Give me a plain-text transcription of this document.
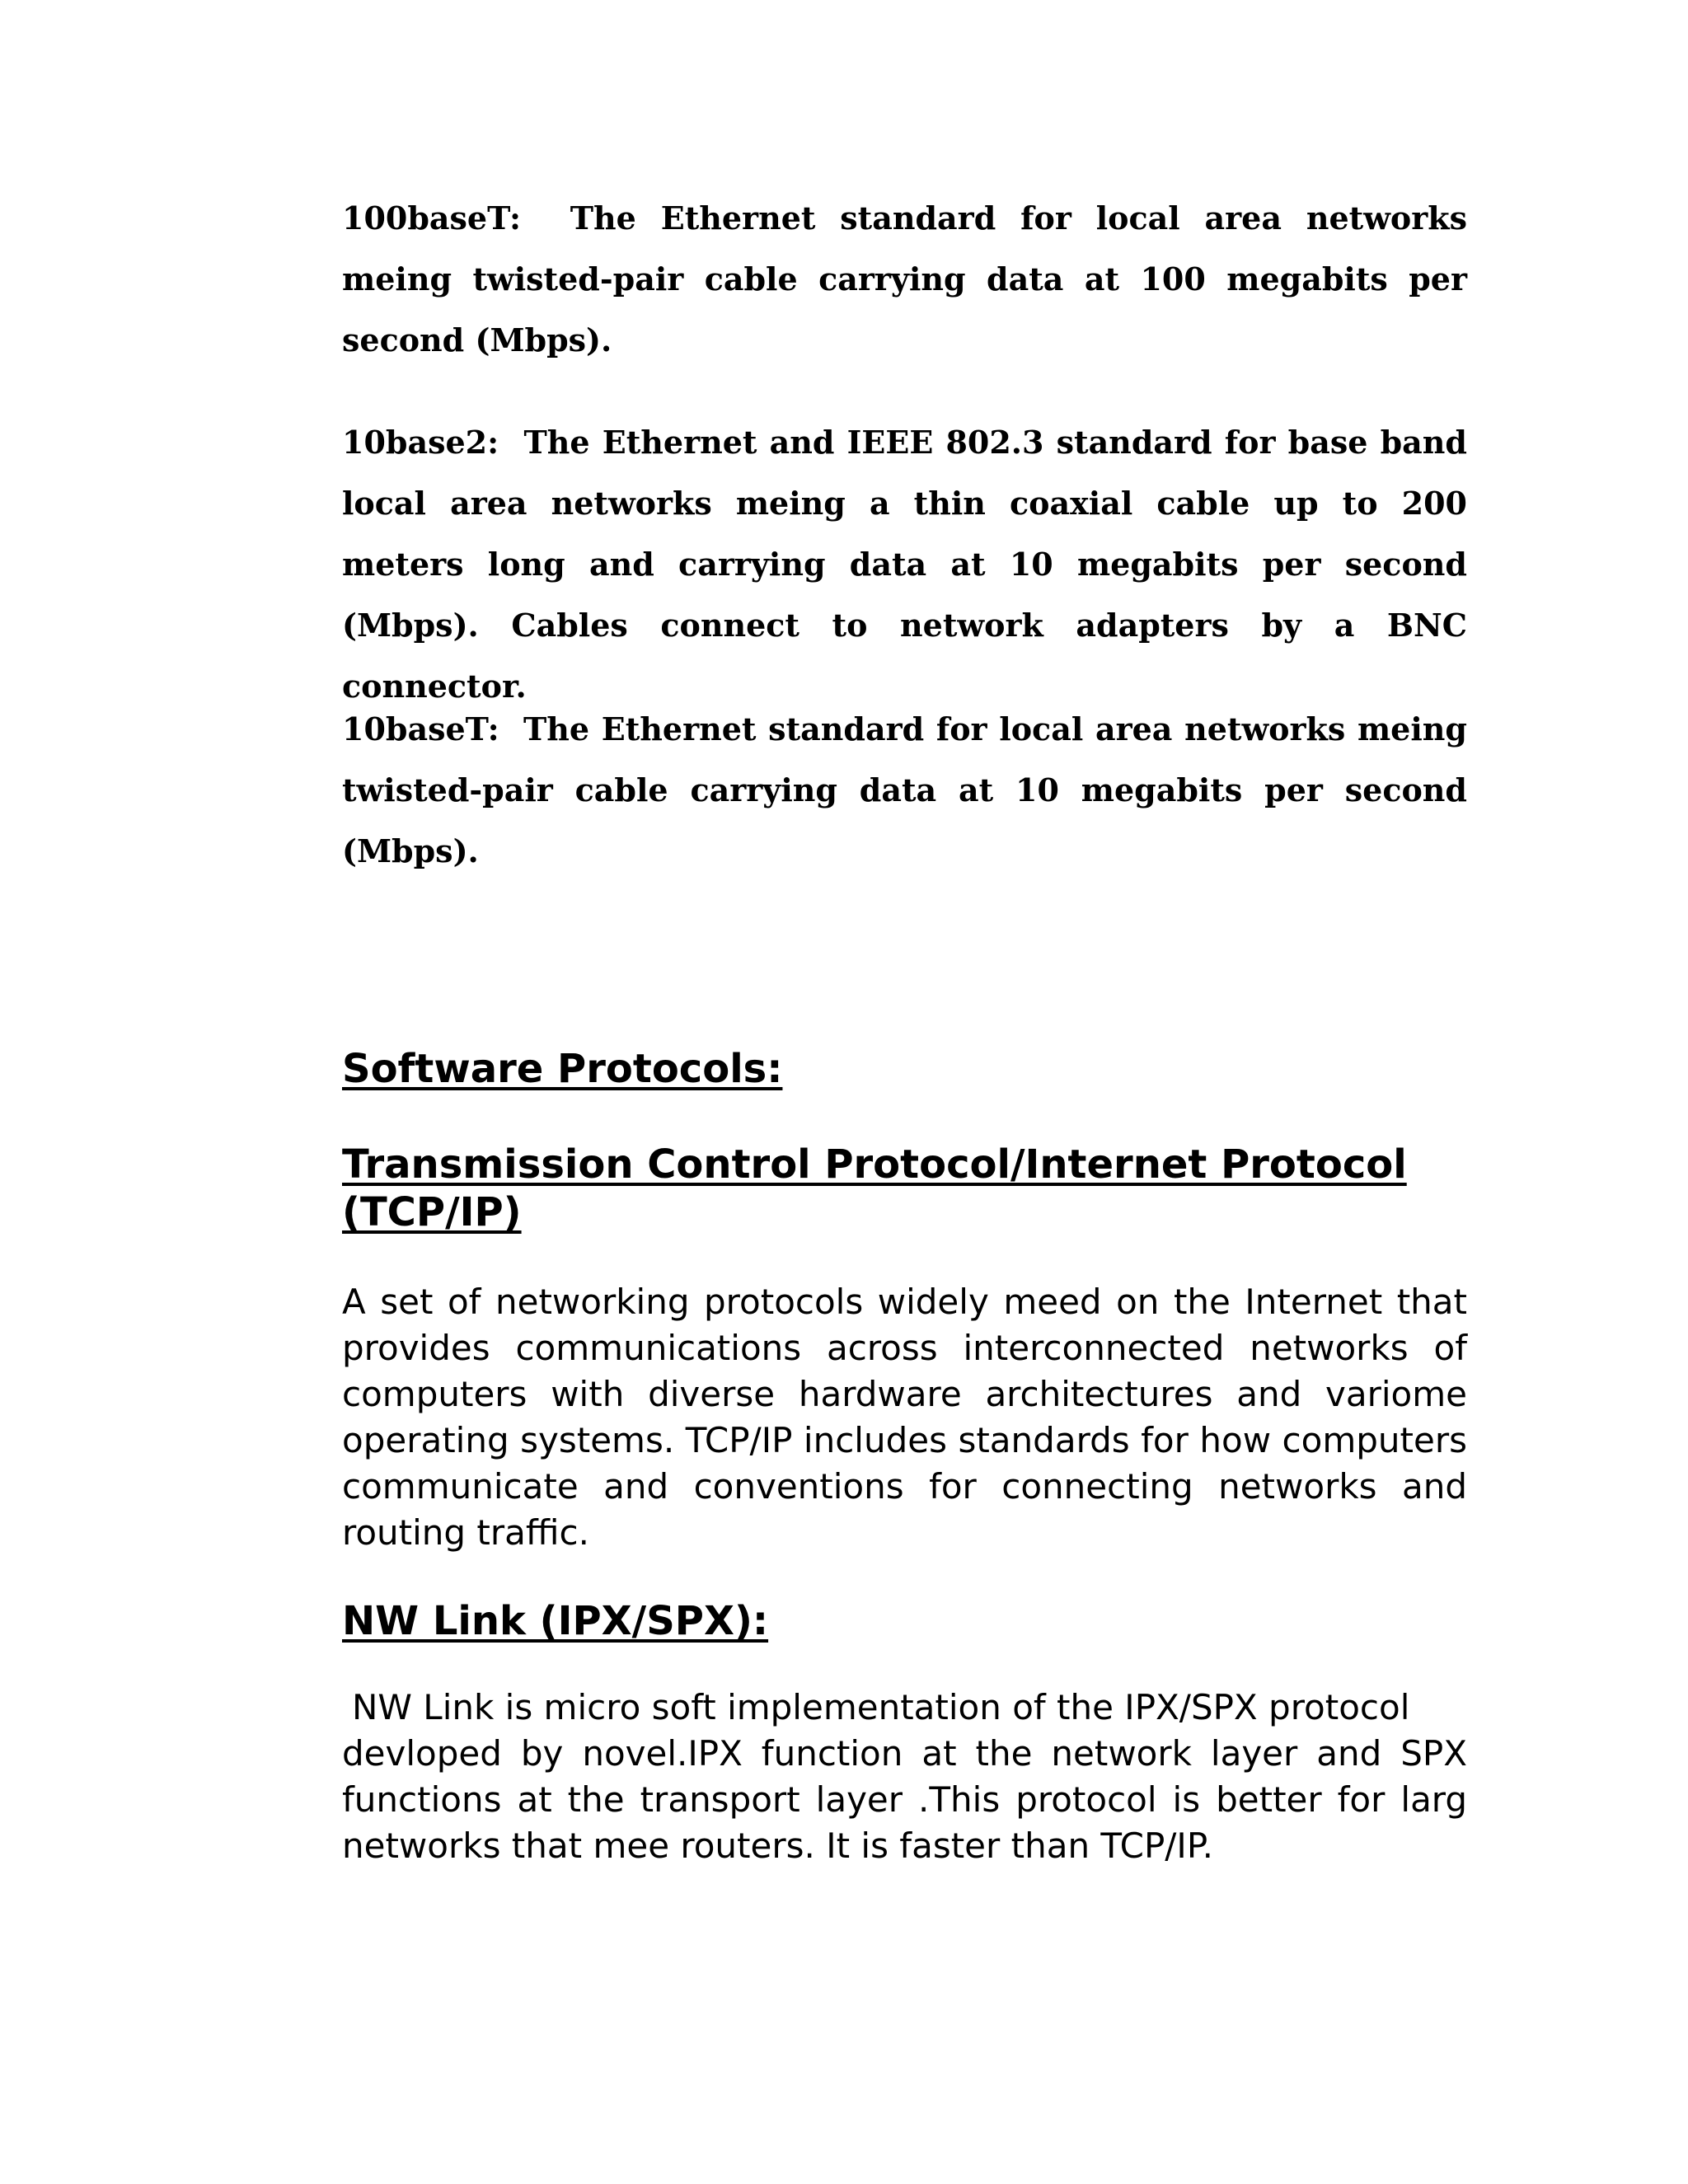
100baseT: The Ethernet standard for local area networks meing twisted-pair cable carrying data at 100 megabits per second (Mbps).

10base2: The Ethernet and IEEE 802.3 standard for base band local area networks meing a thin coaxial cable up to 200 meters long and carrying data at 10 megabits per second (Mbps). Cables connect to network adapters by a BNC connector.

10baseT: The Ethernet standard for local area networks meing twisted-pair cable carrying data at 10 megabits per second (Mbps).

Software Protocols:
Transmission Control Protocol/Internet Protocol
(TCP/IP)

A set of networking protocols widely meed on the Internet that provides communications across interconnected networks of computers with diverse hardware architectures and variome operating systems. TCP/IP includes standards for how computers communicate and conventions for connecting networks and routing traffic.

NW Link (IPX/SPX):

NW Link is micro soft implementation of the IPX/SPX protocol

devloped by novel.IPX function at the network layer and SPX functions at the transport layer .This protocol is better for larg networks that mee routers. It is faster than TCP/IP.
